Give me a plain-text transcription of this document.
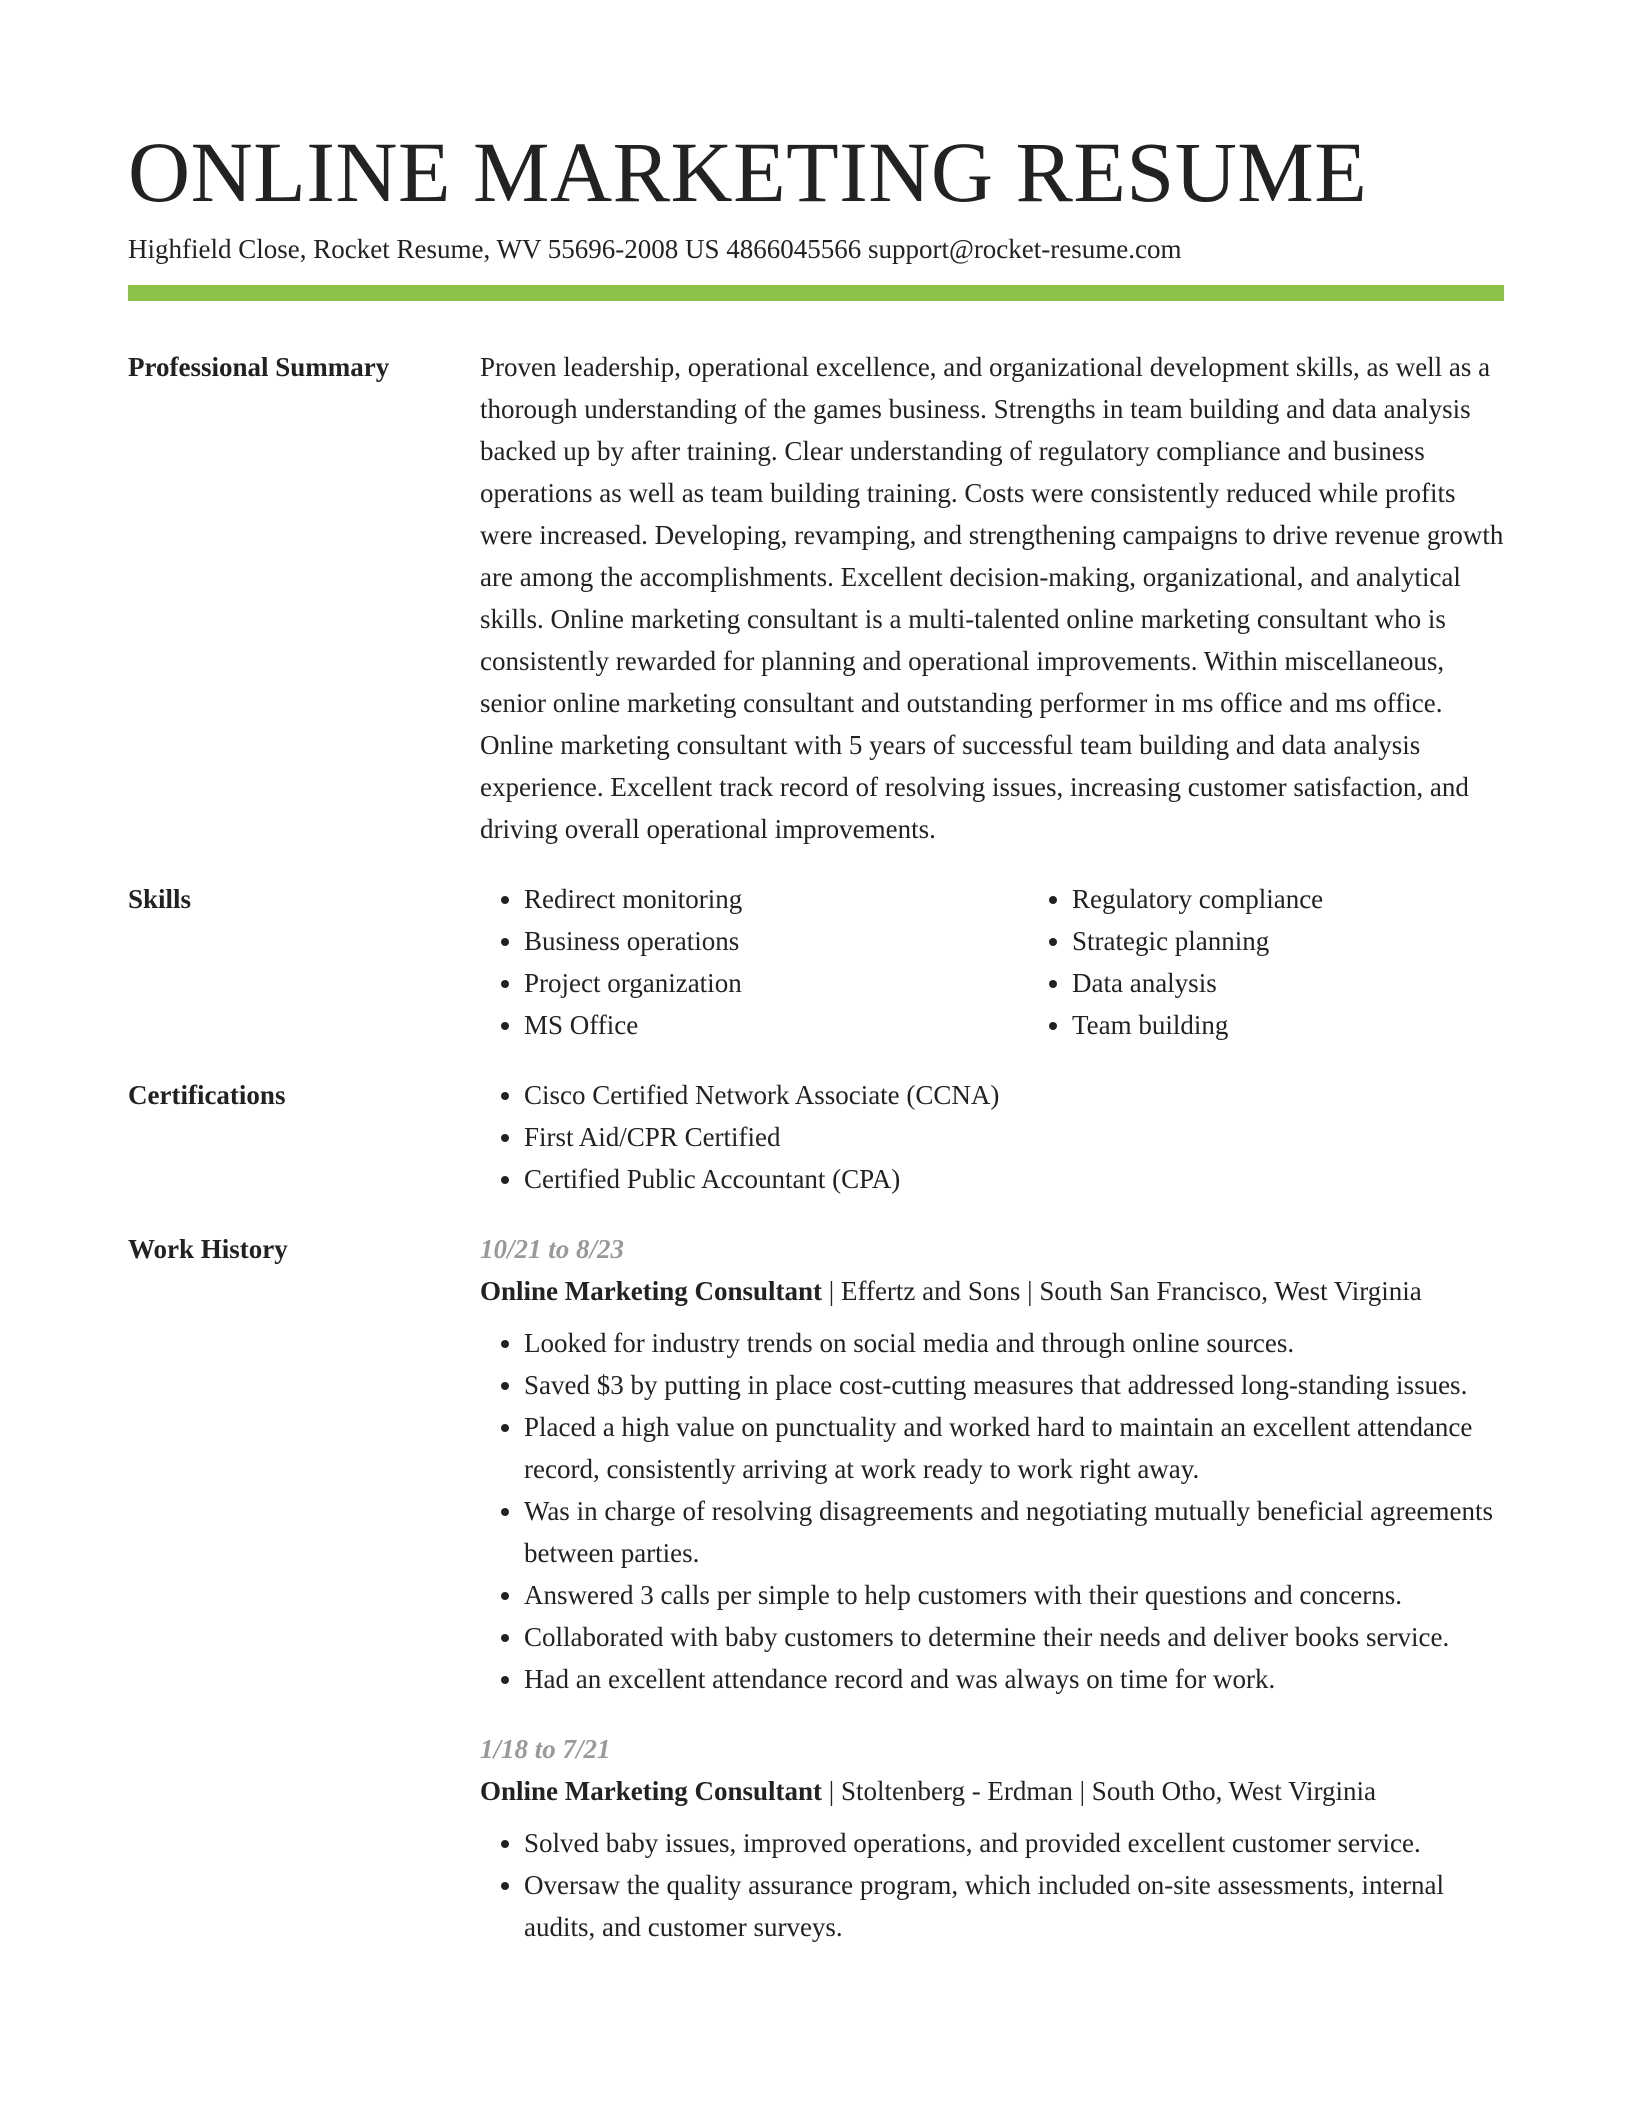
ONLINE MARKETING RESUME
Highfield Close, Rocket Resume, WV 55696-2008 US 4866045566 support@rocket-resume.com
Professional Summary	Proven leadership, operational excellence, and organizational development skills, as well as a thorough understanding of the games business. Strengths in team building and data analysis backed up by after training. Clear understanding of regulatory compliance and business operations as well as team building training. Costs were consistently reduced while profits were increased. Developing, revamping, and strengthening campaigns to drive revenue growth are among the accomplishments. Excellent decision-making, organizational, and analytical skills. Online marketing consultant is a multi-talented online marketing consultant who is consistently rewarded for planning and operational improvements. Within miscellaneous, senior online marketing consultant and outstanding performer in ms office and ms office. Online marketing consultant with 5 years of successful team building and data analysis experience. Excellent track record of resolving issues, increasing customer satisfaction, and driving overall operational improvements.

Skills	• Redirect monitoring
• Business operations
• Project organization
• MS Office
• Regulatory compliance
• Strategic planning
• Data analysis
• Team building
Certifications	• Cisco Certified Network Associate (CCNA)
• First Aid/CPR Certified
• Certified Public Accountant (CPA)
Work History	10/21 to 8/23
Online Marketing Consultant | Effertz and Sons | South San Francisco, West Virginia
• Looked for industry trends on social media and through online sources.
• Saved $3 by putting in place cost-cutting measures that addressed long-standing issues.
• Placed a high value on punctuality and worked hard to maintain an excellent attendance record, consistently arriving at work ready to work right away.
• Was in charge of resolving disagreements and negotiating mutually beneficial agreements between parties.
• Answered 3 calls per simple to help customers with their questions and concerns.
• Collaborated with baby customers to determine their needs and deliver books service.
• Had an excellent attendance record and was always on time for work.
1/18 to 7/21
Online Marketing Consultant | Stoltenberg - Erdman | South Otho, West Virginia
• Solved baby issues, improved operations, and provided excellent customer service.
• Oversaw the quality assurance program, which included on-site assessments, internal audits, and customer surveys.
